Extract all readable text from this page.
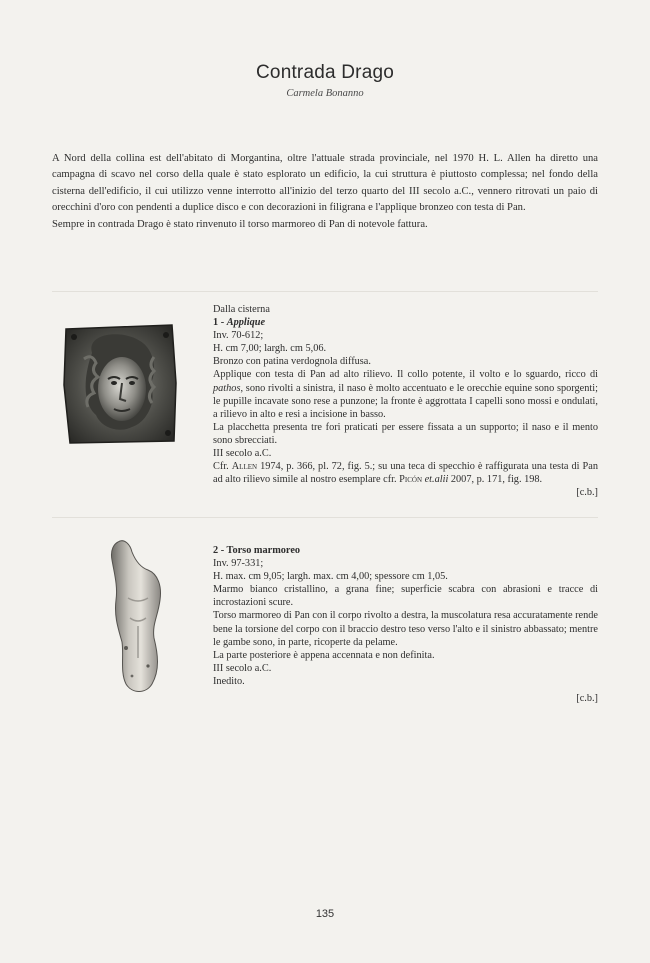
Contrada Drago
Carmela Bonanno

A Nord della collina est dell'abitato di Morgantina, oltre l'attuale strada provinciale, nel 1970 H. L. Allen ha diretto una campagna di scavo nel corso della quale è stato esplorato un edificio, la cui struttura è piuttosto complessa; nel fondo della cisterna dell'edificio, il cui utilizzo venne interrotto all'inizio del terzo quarto del III secolo a.C., vennero ritrovati un paio di orecchini d'oro con pendenti a duplice disco e con decorazioni in filigrana e l'applique bronzeo con testa di Pan.

Sempre in contrada Drago è stato rinvenuto il torso marmoreo di Pan di notevole fattura.

Dalla cisterna
1 - Applique
Inv. 70-612;
H. cm 7,00; largh. cm 5,06.
Bronzo con patina verdognola diffusa.
Applique con testa di Pan ad alto rilievo. Il collo potente, il volto e lo sguardo, ricco di pathos, sono rivolti a sinistra, il naso è molto accentuato e le orecchie equine sono sporgenti; le pupille incavate sono rese a punzone; la fronte è aggrottata I capelli sono mossi e ondulati, a rilievo in alto e resi a incisione in basso.
La placchetta presenta tre fori praticati per essere fissata a un supporto; il naso e il mento sono sbrecciati.
III secolo a.C.
Cfr. Allen 1974, p. 366, pl. 72, fig. 5.; su una teca di specchio è raffigurata una testa di Pan ad alto rilievo simile al nostro esemplare cfr. Picón et.alii 2007, p. 171, fig. 198.
[c.b.]
2 - Torso marmoreo
Inv. 97-331;
H. max. cm 9,05; largh. max. cm 4,00; spessore cm 1,05.
Marmo bianco cristallino, a grana fine; superficie scabra con abrasioni e tracce di incrostazioni scure.
Torso marmoreo di Pan con il corpo rivolto a destra, la muscolatura resa accuratamente rende bene la torsione del corpo con il braccio destro teso verso l'alto e il sinistro abbassato; mentre le gambe sono, in parte, ricoperte da pelame.
La parte posteriore è appena accennata e non definita.
III secolo a.C.
Inedito.
[c.b.]
135
